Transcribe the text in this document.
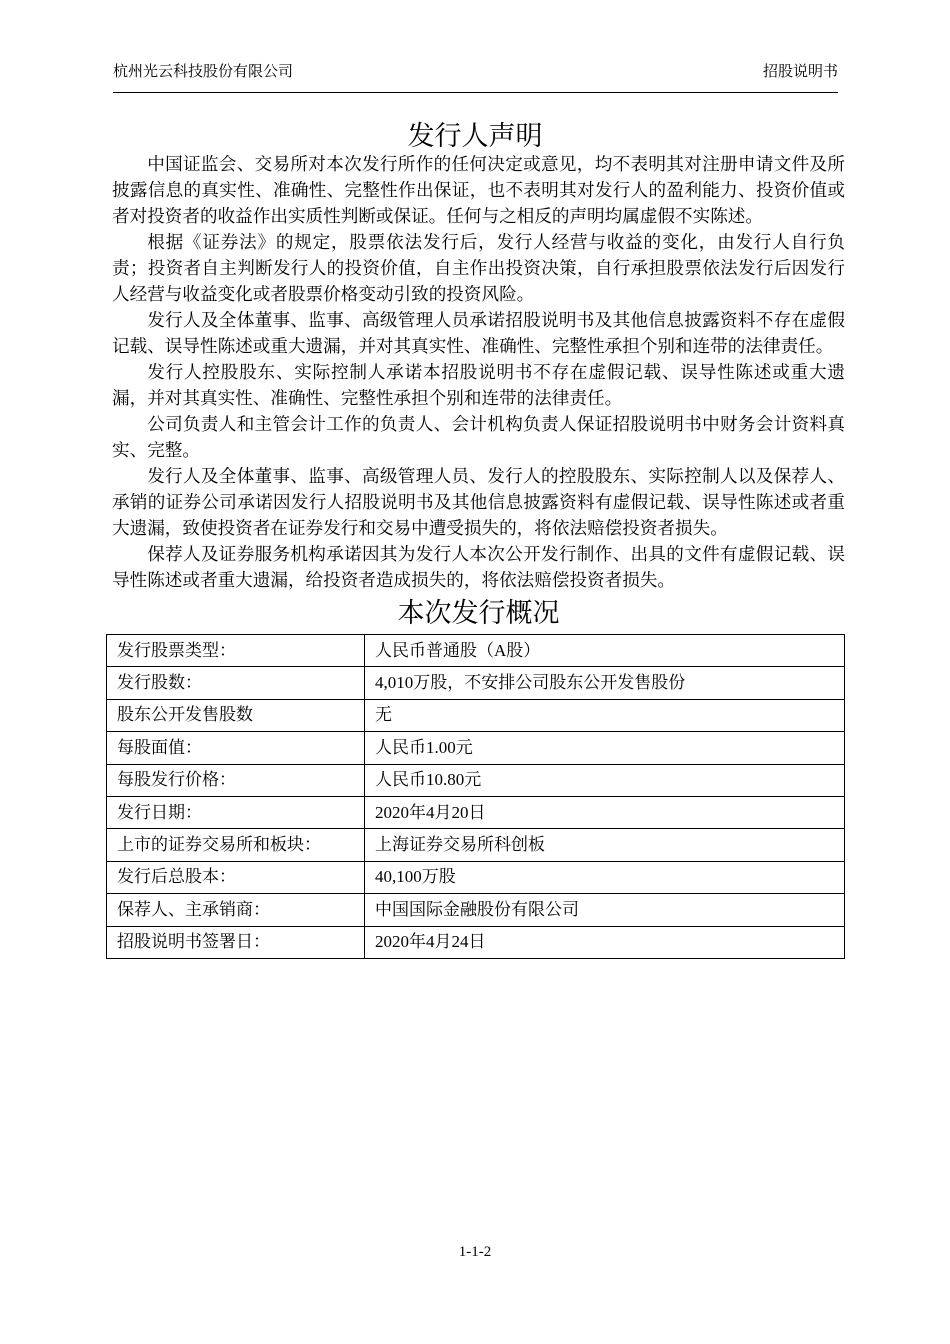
杭州光云科技股份有限公司	招股说明书
发行人声明

中国证监会、交易所对本次发行所作的任何决定或意见，均不表明其对注册申请文件及所披露信息的真实性、准确性、完整性作出保证，也不表明其对发行人的盈利能力、投资价值或者对投资者的收益作出实质性判断或保证。任何与之相反的声明均属虚假不实陈述。

根据《证券法》的规定，股票依法发行后，发行人经营与收益的变化，由发行人自行负责；投资者自主判断发行人的投资价值，自主作出投资决策，自行承担股票依法发行后因发行人经营与收益变化或者股票价格变动引致的投资风险。

发行人及全体董事、监事、高级管理人员承诺招股说明书及其他信息披露资料不存在虚假记载、误导性陈述或重大遗漏，并对其真实性、准确性、完整性承担个别和连带的法律责任。

发行人控股股东、实际控制人承诺本招股说明书不存在虚假记载、误导性陈述或重大遗漏，并对其真实性、准确性、完整性承担个别和连带的法律责任。

公司负责人和主管会计工作的负责人、会计机构负责人保证招股说明书中财务会计资料真实、完整。

发行人及全体董事、监事、高级管理人员、发行人的控股股东、实际控制人以及保荐人、承销的证券公司承诺因发行人招股说明书及其他信息披露资料有虚假记载、误导性陈述或者重大遗漏，致使投资者在证券发行和交易中遭受损失的，将依法赔偿投资者损失。

保荐人及证券服务机构承诺因其为发行人本次公开发行制作、出具的文件有虚假记载、误导性陈述或者重大遗漏，给投资者造成损失的，将依法赔偿投资者损失。

本次发行概况
发行股票类型：	人民币普通股（A股）
发行股数：	4,010万股，不安排公司股东公开发售股份
股东公开发售股数	无
每股面值：	人民币1.00元
每股发行价格：	人民币10.80元
发行日期：	2020年4月20日
上市的证券交易所和板块：	上海证券交易所科创板
发行后总股本：	40,100万股
保荐人、主承销商：	中国国际金融股份有限公司
招股说明书签署日：	2020年4月24日
1-1-2
